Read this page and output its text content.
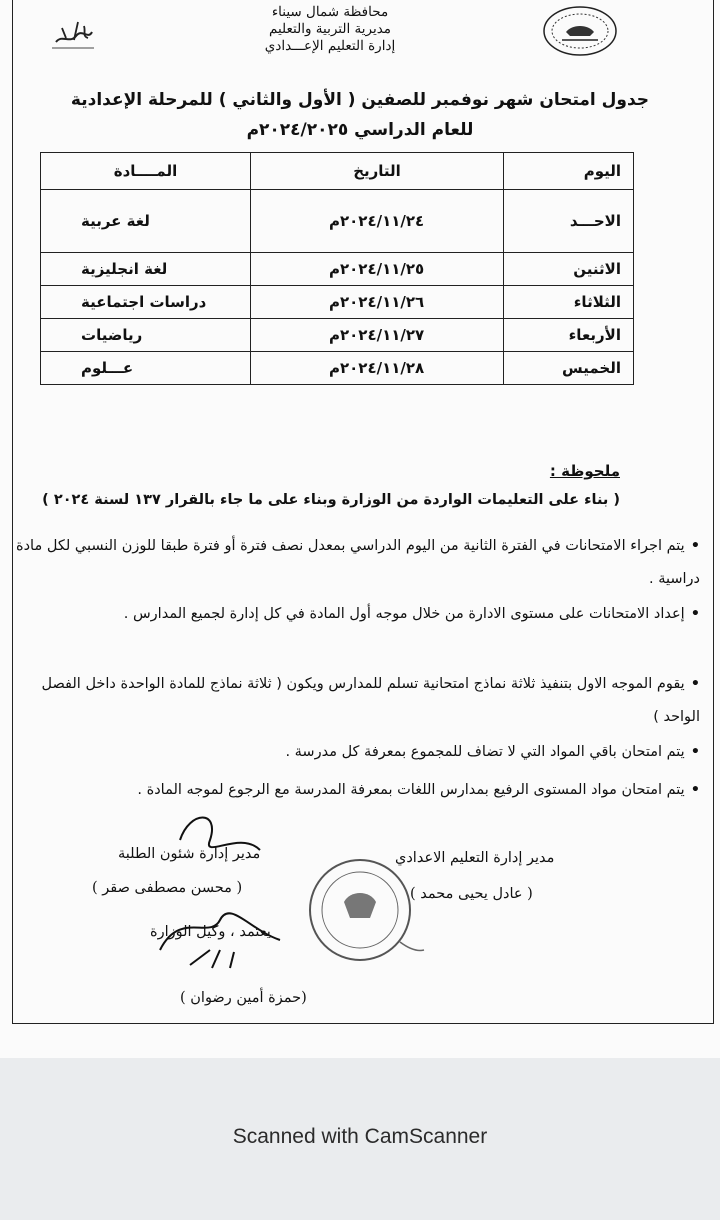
محافظة شمال سيناء
مديرية التربية والتعليم
إدارة التعليم الإعـــدادي
جدول امتحان شهر نوفمبر للصفين ( الأول والثاني ) للمرحلة الإعدادية
للعام الدراسي ٢٠٢٤/٢٠٢٥م
اليوم	التاريخ	المــــادة
الاحـــد	٢٠٢٤/١١/٢٤م	لغة عربية
الاثنين	٢٠٢٤/١١/٢٥م	لغة انجليزية
الثلاثاء	٢٠٢٤/١١/٢٦م	دراسات اجتماعية
الأربعاء	٢٠٢٤/١١/٢٧م	رياضيات
الخميس	٢٠٢٤/١١/٢٨م	عـــلوم
ملحوظة :
( بناء على التعليمات الواردة من الوزارة وبناء على ما جاء بالقرار ١٣٧ لسنة ٢٠٢٤ )
•يتم اجراء الامتحانات في الفترة الثانية من اليوم الدراسي بمعدل نصف فترة أو فترة طبقا للوزن النسبي لكل مادة دراسية .
•إعداد الامتحانات على مستوى الادارة من خلال موجه أول المادة في كل إدارة لجميع المدارس .
•يقوم الموجه الاول بتنفيذ ثلاثة نماذج امتحانية تسلم للمدارس ويكون ( ثلاثة نماذج للمادة الواحدة داخل الفصل الواحد )
•يتم امتحان باقي المواد التي لا تضاف للمجموع بمعرفة كل مدرسة .
•يتم امتحان مواد المستوى الرفيع بمدارس اللغات بمعرفة المدرسة مع الرجوع لموجه المادة .
مدير إدارة التعليم الاعدادي
( عادل يحيى محمد )
مدير إدارة شئون الطلبة
( محسن مصطفى صقر )
يعتمد ، وكيل الوزارة
(حمزة أمين رضوان )
Scanned with CamScanner
